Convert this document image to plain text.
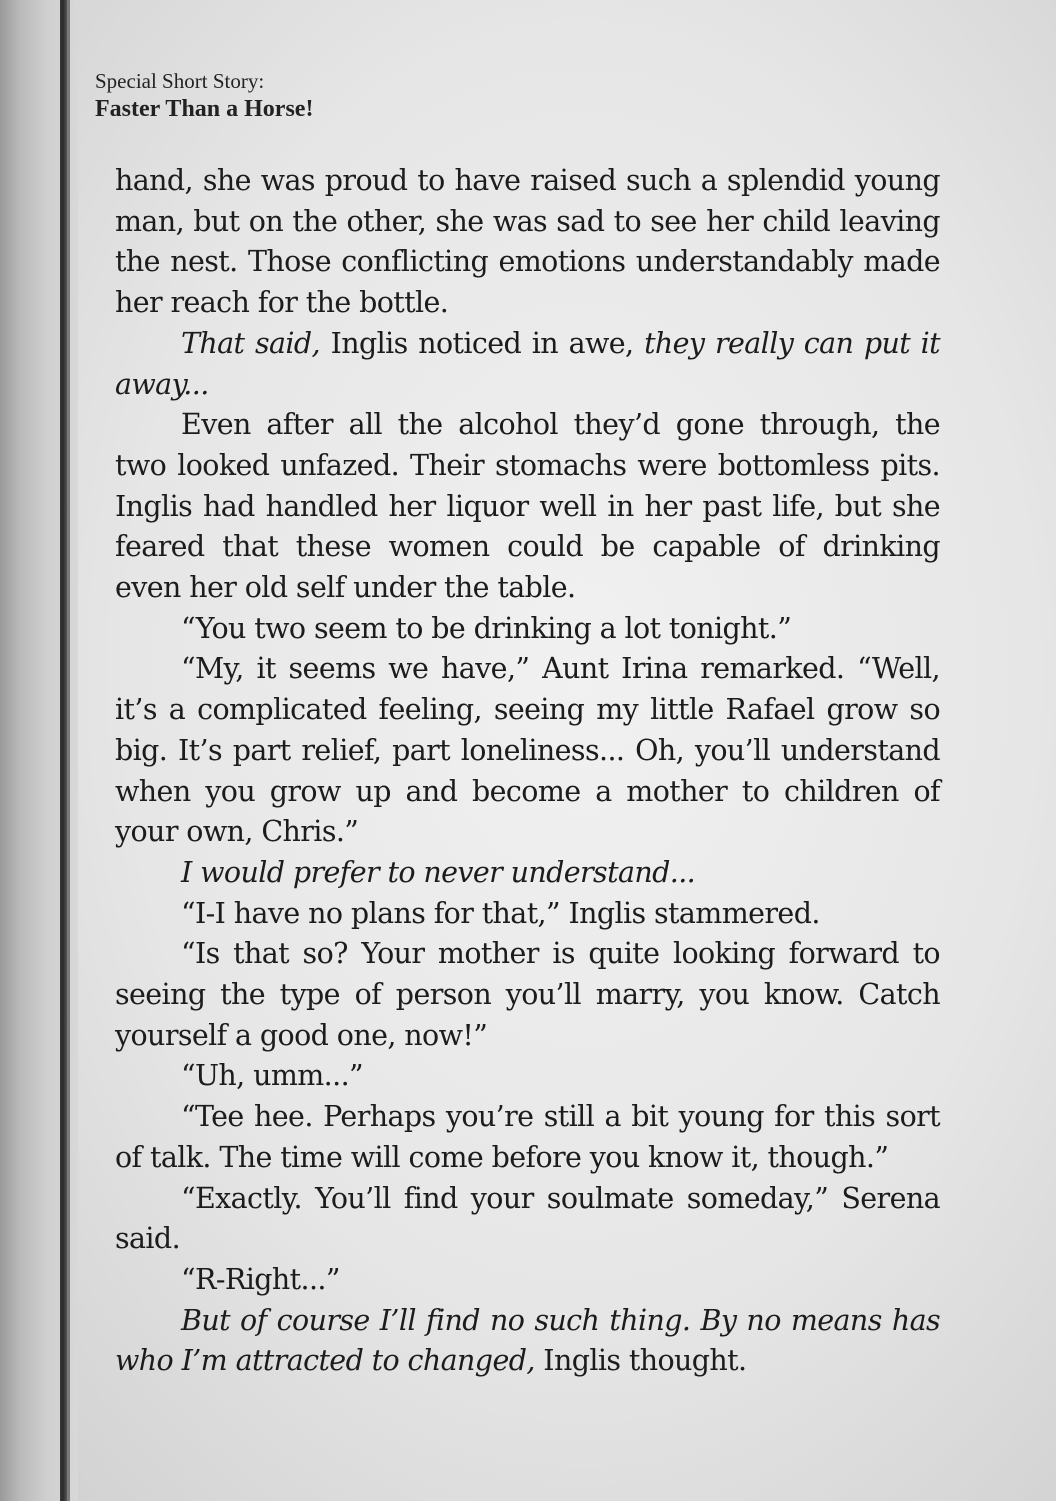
Special Short Story:
Faster Than a Horse!

hand, she was proud to have raised such a splendid young man, but on the other, she was sad to see her child leaving the nest. Those conflicting emotions understandably made her reach for the bottle.

That said, Inglis noticed in awe, they really can put it away...

Even after all the alcohol they’d gone through, the two looked unfazed. Their stomachs were bottomless pits. Inglis had handled her liquor well in her past life, but she feared that these women could be capable of drinking even her old self under the table.

“You two seem to be drinking a lot tonight.”

“My, it seems we have,” Aunt Irina remarked. “Well, it’s a complicated feeling, seeing my little Rafael grow so big. It’s part relief, part loneliness... Oh, you’ll understand when you grow up and become a mother to children of your own, Chris.”

I would prefer to never understand...

“I-I have no plans for that,” Inglis stammered.

“Is that so? Your mother is quite looking forward to seeing the type of person you’ll marry, you know. Catch yourself a good one, now!”

“Uh, umm...”

“Tee hee. Perhaps you’re still a bit young for this sort of talk. The time will come before you know it, though.”

“Exactly. You’ll find your soulmate someday,” Serena said.

“R-Right...”

But of course I’ll find no such thing. By no means has who I’m attracted to changed, Inglis thought.
